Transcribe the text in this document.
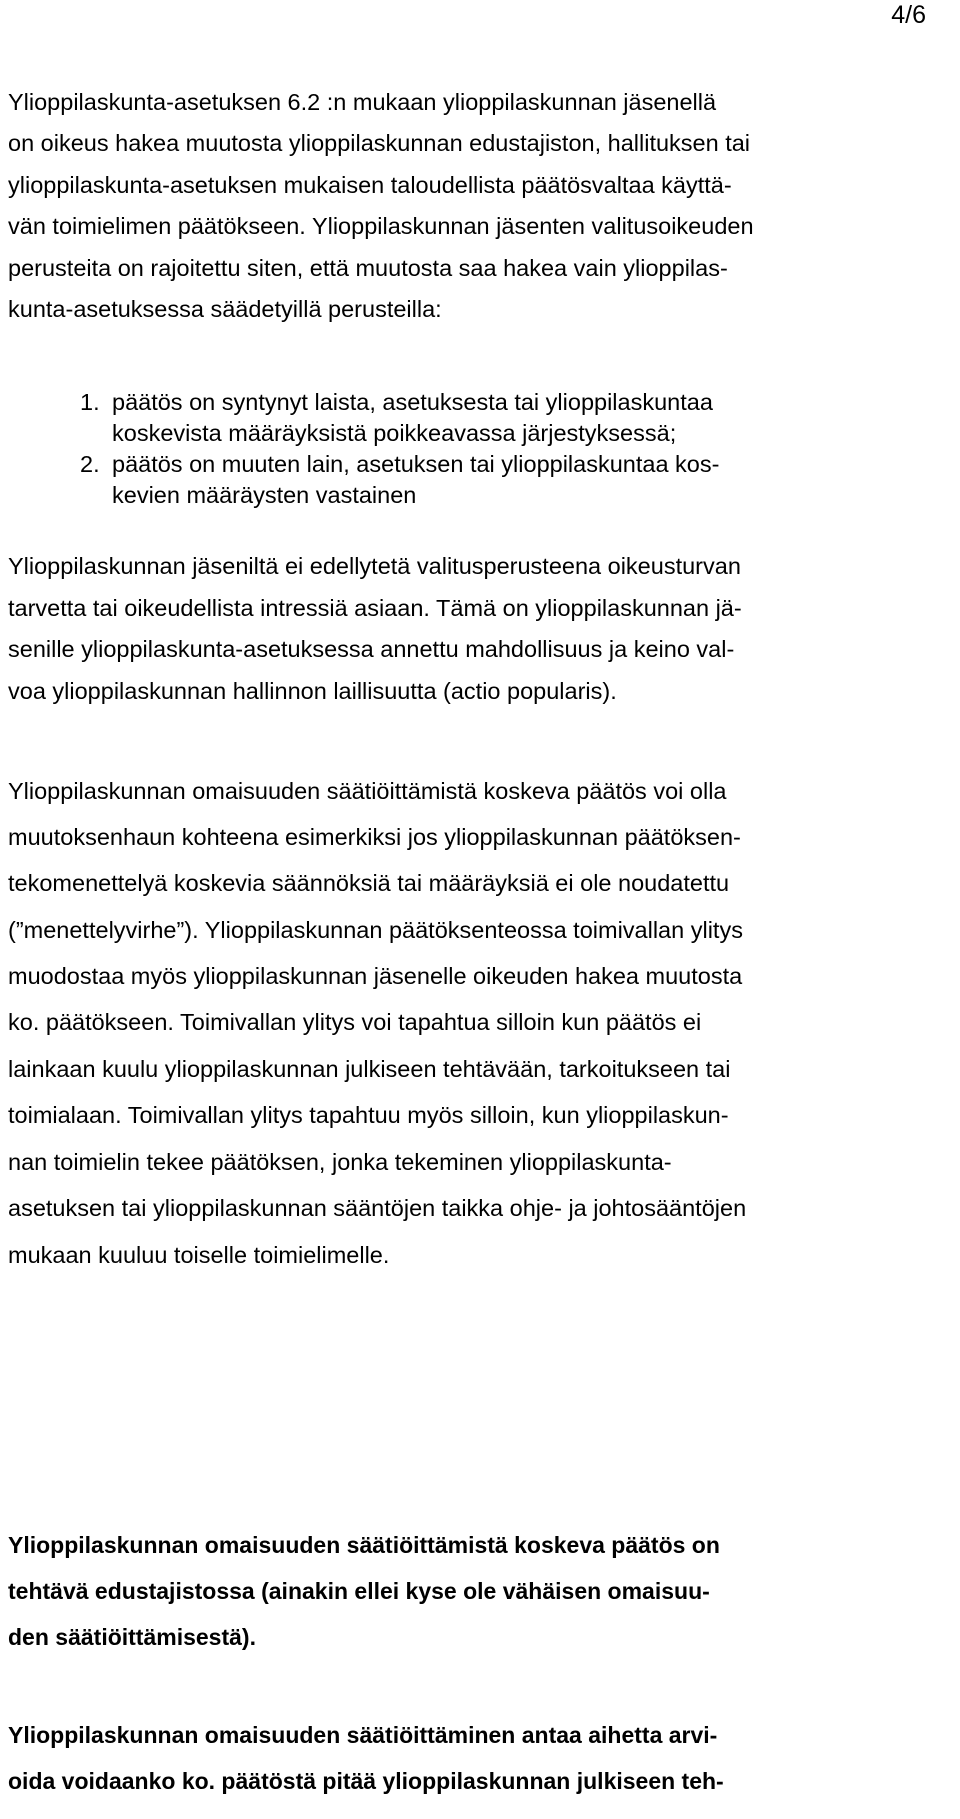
4/6

Ylioppilaskunta-asetuksen 6.2 :n mukaan ylioppilaskunnan jäsenellä

on oikeus hakea muutosta ylioppilaskunnan edustajiston, hallituksen tai

ylioppilaskunta-asetuksen mukaisen taloudellista päätösvaltaa käyttä-

vän toimielimen päätökseen. Ylioppilaskunnan jäsenten valitusoikeuden

perusteita on rajoitettu siten, että muutosta saa hakea vain ylioppilas-

kunta-asetuksessa säädetyillä perusteilla:

1. päätös on syntynyt laista, asetuksesta tai ylioppilaskuntaa

koskevista määräyksistä poikkeavassa järjestyksessä;

2. päätös on muuten lain, asetuksen tai ylioppilaskuntaa kos-

kevien määräysten vastainen

Ylioppilaskunnan jäseniltä ei edellytetä valitusperusteena oikeusturvan

tarvetta tai oikeudellista intressiä asiaan. Tämä on ylioppilaskunnan jä-

senille ylioppilaskunta-asetuksessa annettu mahdollisuus ja keino val-

voa ylioppilaskunnan hallinnon laillisuutta (actio popularis).

Ylioppilaskunnan omaisuuden säätiöittämistä koskeva päätös voi olla

muutoksenhaun kohteena esimerkiksi jos ylioppilaskunnan päätöksen-

tekomenettelyä koskevia säännöksiä tai määräyksiä ei ole noudatettu

(”menettelyvirhe”). Ylioppilaskunnan päätöksenteossa toimivallan ylitys

muodostaa myös ylioppilaskunnan jäsenelle oikeuden hakea muutosta

ko. päätökseen. Toimivallan ylitys voi tapahtua silloin kun päätös ei

lainkaan kuulu ylioppilaskunnan julkiseen tehtävään, tarkoitukseen tai

toimialaan. Toimivallan ylitys tapahtuu myös silloin, kun ylioppilaskun-

nan toimielin tekee päätöksen, jonka tekeminen ylioppilaskunta-

asetuksen tai ylioppilaskunnan sääntöjen taikka ohje- ja johtosääntöjen

mukaan kuuluu toiselle toimielimelle.

Ylioppilaskunnan omaisuuden säätiöittämistä koskeva päätös on

tehtävä edustajistossa (ainakin ellei kyse ole vähäisen omaisuu-

den säätiöittämisestä).

Ylioppilaskunnan omaisuuden säätiöittäminen antaa aihetta arvi-

oida voidaanko ko. päätöstä pitää ylioppilaskunnan julkiseen teh-
